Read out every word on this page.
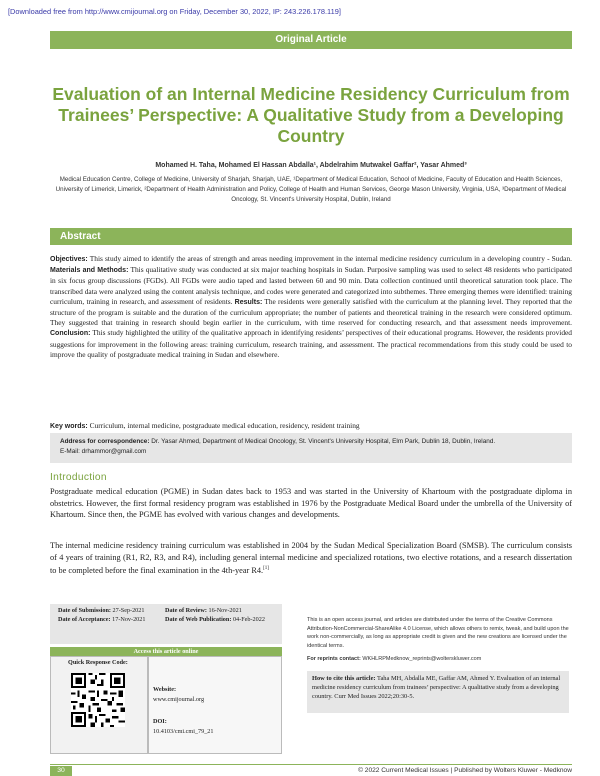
[Downloaded free from http://www.cmijournal.org on Friday, December 30, 2022, IP: 243.226.178.119]
Original Article
Evaluation of an Internal Medicine Residency Curriculum from Trainees’ Perspective: A Qualitative Study from a Developing Country
Mohamed H. Taha, Mohamed El Hassan Abdalla¹, Abdelrahim Mutwakel Gaffar², Yasar Ahmed³
Medical Education Centre, College of Medicine, University of Sharjah, Sharjah, UAE, ¹Department of Medical Education, School of Medicine, Faculty of Education and Health Sciences, University of Limerick, Limerick, ²Department of Health Administration and Policy, College of Health and Human Services, George Mason University, Virginia, USA, ³Department of Medical Oncology, St. Vincent's University Hospital, Dublin, Ireland
Abstract
Objectives: This study aimed to identify the areas of strength and areas needing improvement in the internal medicine residency curriculum in a developing country - Sudan. Materials and Methods: This qualitative study was conducted at six major teaching hospitals in Sudan. Purposive sampling was used to select 48 residents who participated in six focus group discussions (FGDs). All FGDs were audio taped and lasted between 60 and 90 min. Data collection continued until theoretical saturation took place. The transcribed data were analyzed using the content analysis technique, and codes were generated and categorized into subthemes. Three emerging themes were identified: training curriculum, training in research, and assessment of residents. Results: The residents were generally satisfied with the curriculum at the planning level. They reported that the structure of the program is suitable and the duration of the curriculum appropriate; the number of patients and theoretical training in the research were considered optimum. They suggested that training in research should begin earlier in the curriculum, with time reserved for conducting research, and that assessment needs improvement. Conclusion: This study highlighted the utility of the qualitative approach in identifying residents’ perspectives of their educational programs. However, the residents provided suggestions for improvement in the following areas: training curriculum, research training, and assessment. The practical recommendations from this study could be used to improve the quality of postgraduate medical training in Sudan and elsewhere.
Key words: Curriculum, internal medicine, postgraduate medical education, residency, resident training
Address for correspondence: Dr. Yasar Ahmed, Department of Medical Oncology, St. Vincent's University Hospital, Elm Park, Dublin 18, Dublin, Ireland.
E-Mail: drhammor@gmail.com
Introduction
Postgraduate medical education (PGME) in Sudan dates back to 1953 and was started in the University of Khartoum with the postgraduate diploma in obstetrics. However, the first formal residency program was established in 1976 by the Postgraduate Medical Board under the umbrella of the University of Khartoum. Since then, the PGME has evolved with various changes and developments.
The internal medicine residency training curriculum was established in 2004 by the Sudan Medical Specialization Board (SMSB). The curriculum consists of 4 years of training (R1, R2, R3, and R4), including general internal medicine and specialized rotations, two elective rotations, and a research dissertation to be completed before the final examination in the 4th-year R4.[1]
Date of Submission: 27-Sep-2021	Date of Review: 16-Nov-2021
Date of Acceptance: 17-Nov-2021	Date of Web Publication: 04-Feb-2022
Access this article online
Quick Response Code:
Website:
www.cmijournal.org
DOI:
10.4103/cmi.cmi_79_21
This is an open access journal, and articles are distributed under the terms of the Creative Commons Attribution-NonCommercial-ShareAlike 4.0 License, which allows others to remix, tweak, and build upon the work non-commercially, as long as appropriate credit is given and the new creations are licensed under the identical terms.
For reprints contact: WKHLRPMedknow_reprints@wolterskluwer.com
How to cite this article: Taha MH, Abdalla ME, Gaffar AM, Ahmed Y. Evaluation of an internal medicine residency curriculum from trainees’ perspective: A qualitative study from a developing country. Curr Med Issues 2022;20:30-5.
30	© 2022 Current Medical Issues | Published by Wolters Kluwer - Medknow
